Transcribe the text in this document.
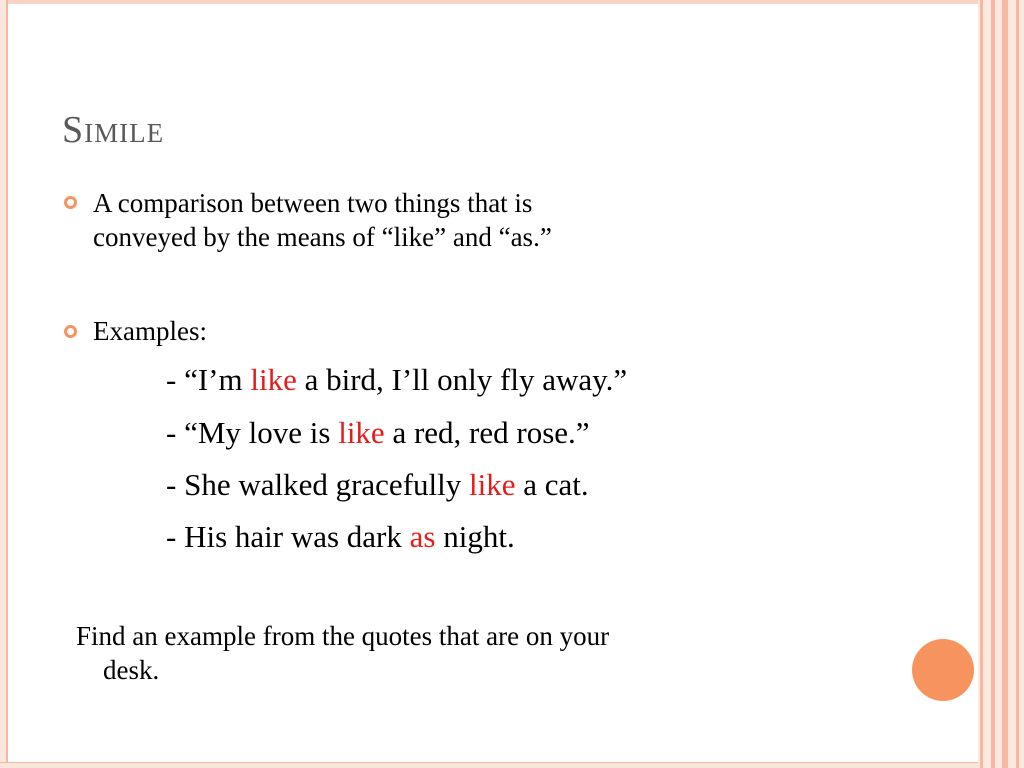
Simile

A comparison between two things that is
conveyed by the means of “like” and “as.”

Examples:

- “I’m like a bird, I’ll only fly away.”

- “My love is like a red, red rose.”

- She walked gracefully like a cat.

- His hair was dark as night.

Find an example from the quotes that are on your
desk.
